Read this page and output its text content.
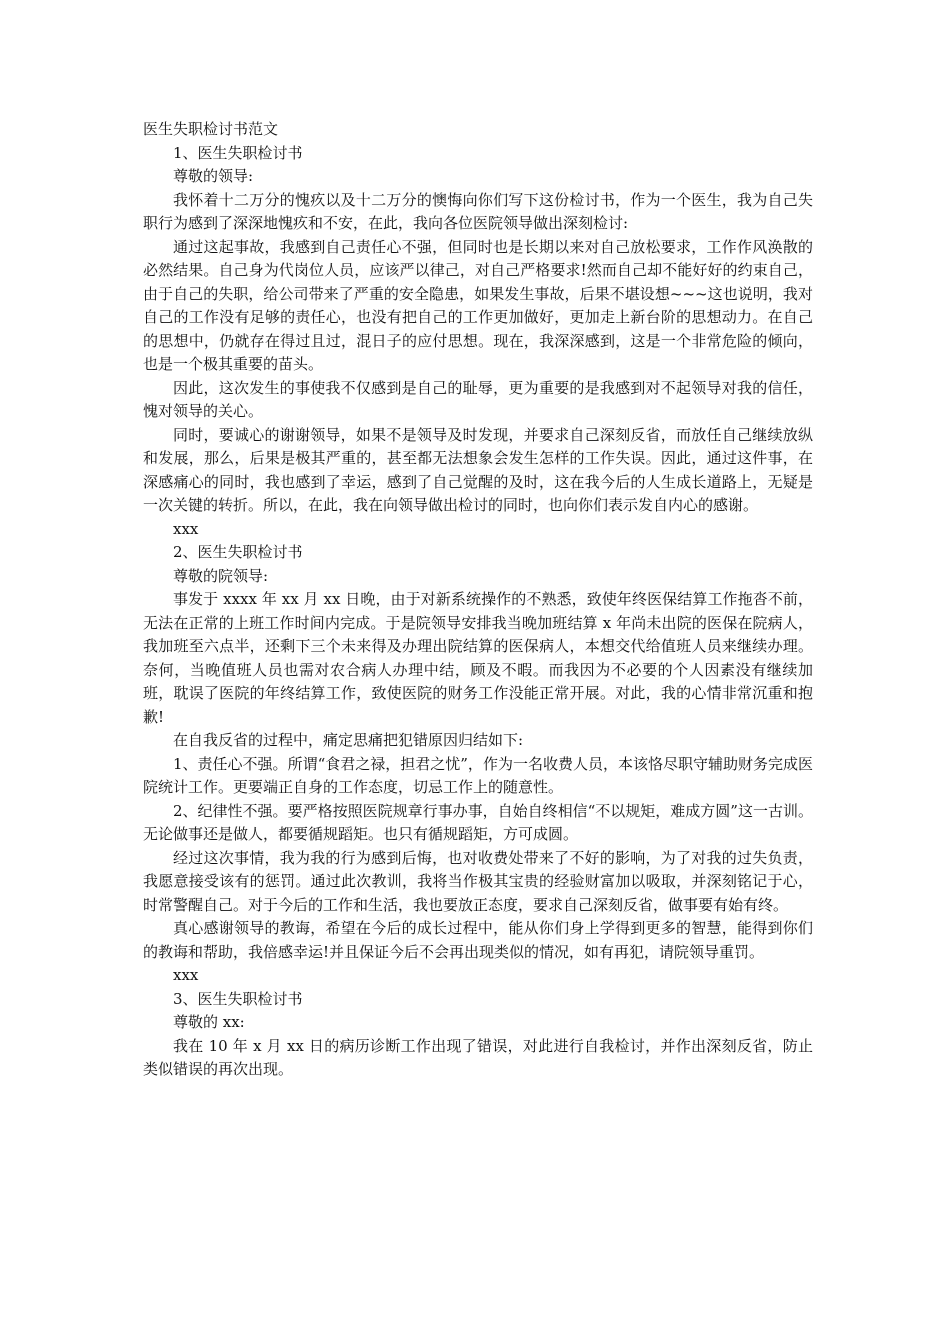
医生失职检讨书范文

1、医生失职检讨书

尊敬的领导:

我怀着十二万分的愧疚以及十二万分的懊悔向你们写下这份检讨书，作为一个医生，我为自己失职行为感到了深深地愧疚和不安，在此，我向各位医院领导做出深刻检讨:

通过这起事故，我感到自己责任心不强，但同时也是长期以来对自己放松要求，工作作风涣散的必然结果。自己身为代岗位人员，应该严以律己，对自己严格要求!然而自己却不能好好的约束自己，由于自己的失职，给公司带来了严重的安全隐患，如果发生事故，后果不堪设想~~~这也说明，我对自己的工作没有足够的责任心，也没有把自己的工作更加做好，更加走上新台阶的思想动力。在自己的思想中，仍就存在得过且过，混日子的应付思想。现在，我深深感到，这是一个非常危险的倾向，也是一个极其重要的苗头。

因此，这次发生的事使我不仅感到是自己的耻辱，更为重要的是我感到对不起领导对我的信任，愧对领导的关心。

同时，要诚心的谢谢领导，如果不是领导及时发现，并要求自己深刻反省，而放任自己继续放纵和发展，那么，后果是极其严重的，甚至都无法想象会发生怎样的工作失误。因此，通过这件事，在深感痛心的同时，我也感到了幸运，感到了自己觉醒的及时，这在我今后的人生成长道路上，无疑是一次关键的转折。所以，在此，我在向领导做出检讨的同时，也向你们表示发自内心的感谢。

xxx

2、医生失职检讨书

尊敬的院领导:

事发于 xxxx 年 xx 月 xx 日晚，由于对新系统操作的不熟悉，致使年终医保结算工作拖沓不前，无法在正常的上班工作时间内完成。于是院领导安排我当晚加班结算 x 年尚未出院的医保在院病人，我加班至六点半，还剩下三个未来得及办理出院结算的医保病人，本想交代给值班人员来继续办理。奈何，当晚值班人员也需对农合病人办理中结，顾及不暇。而我因为不必要的个人因素没有继续加班，耽误了医院的年终结算工作，致使医院的财务工作没能正常开展。对此，我的心情非常沉重和抱歉!

在自我反省的过程中，痛定思痛把犯错原因归结如下:

1、责任心不强。所谓“食君之禄，担君之忧”，作为一名收费人员，本该恪尽职守辅助财务完成医院统计工作。更要端正自身的工作态度，切忌工作上的随意性。

2、纪律性不强。要严格按照医院规章行事办事，自始自终相信“不以规矩，难成方圆”这一古训。无论做事还是做人，都要循规蹈矩。也只有循规蹈矩，方可成圆。

经过这次事情，我为我的行为感到后悔，也对收费处带来了不好的影响，为了对我的过失负责，我愿意接受该有的惩罚。通过此次教训，我将当作极其宝贵的经验财富加以吸取，并深刻铭记于心，时常警醒自己。对于今后的工作和生活，我也要放正态度，要求自己深刻反省，做事要有始有终。

真心感谢领导的教诲，希望在今后的成长过程中，能从你们身上学得到更多的智慧，能得到你们的教诲和帮助，我倍感幸运!并且保证今后不会再出现类似的情况，如有再犯，请院领导重罚。

xxx

3、医生失职检讨书

尊敬的 xx:

我在 10 年 x 月 xx 日的病历诊断工作出现了错误，对此进行自我检讨，并作出深刻反省，防止类似错误的再次出现。
